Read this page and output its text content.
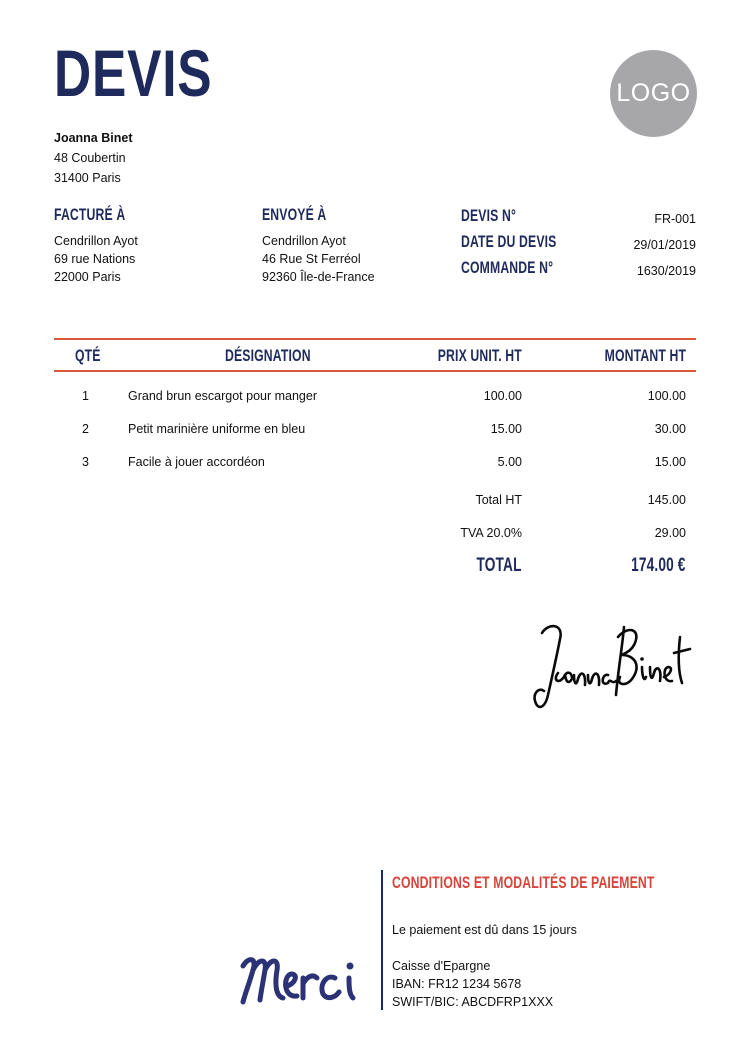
DEVIS	LOGO
Joanna Binet
48 Coubertin
31400 Paris
FACTURÉ À
Cendrillon Ayot
69 rue Nations
22000 Paris
ENVOYÉ À
Cendrillon Ayot
46 Rue St Ferréol
92360 Île-de-France
DEVIS N°	FR-001
DATE DU DEVIS	29/01/2019
COMMANDE N°	1630/2019
QTÉ	DÉSIGNATION	PRIX UNIT. HT	MONTANT HT
1	Grand brun escargot pour manger	100.00	100.00
2	Petit marinière uniforme en bleu	15.00	30.00
3	Facile à jouer accordéon	5.00	15.00
Total HT	145.00
TVA 20.0%	29.00
TOTAL	174.00 €
CONDITIONS ET MODALITÉS DE PAIEMENT
Le paiement est dû dans 15 jours
Caisse d'Epargne
IBAN: FR12 1234 5678
SWIFT/BIC: ABCDFRP1XXX
